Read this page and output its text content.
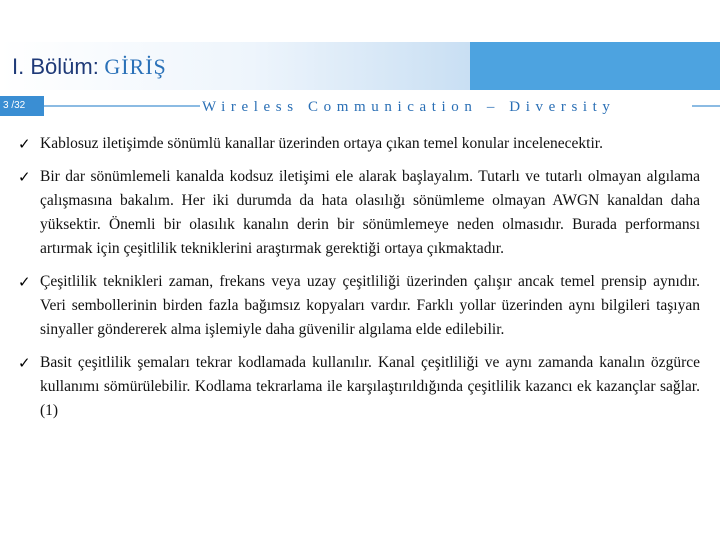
I. Bölüm: GİRİŞ
3 /32	Wireless Communication – Diversity
✓ Kablosuz iletişimde sönümlü kanallar üzerinden ortaya çıkan temel konular incelenecektir.
✓ Bir dar sönümlemeli kanalda kodsuz iletişimi ele alarak başlayalım. Tutarlı ve tutarlı olmayan algılama çalışmasına bakalım. Her iki durumda da hata olasılığı sönümleme olmayan AWGN kanaldan daha yüksektir. Önemli bir olasılık kanalın derin bir sönümlemeye neden olmasıdır. Burada performansı artırmak için çeşitlilik tekniklerini araştırmak gerektiği ortaya çıkmaktadır.
✓ Çeşitlilik teknikleri zaman, frekans veya uzay çeşitliliği üzerinden çalışır ancak temel prensip aynıdır. Veri sembollerinin birden fazla bağımsız kopyaları vardır. Farklı yollar üzerinden aynı bilgileri taşıyan sinyaller göndererek alma işlemiyle daha güvenilir algılama elde edilebilir.
✓ Basit çeşitlilik şemaları tekrar kodlamada kullanılır. Kanal çeşitliliği ve aynı zamanda kanalın özgürce kullanımı sömürülebilir. Kodlama tekrarlama ile karşılaştırıldığında çeşitlilik kazancı ek kazançlar sağlar. (1)
